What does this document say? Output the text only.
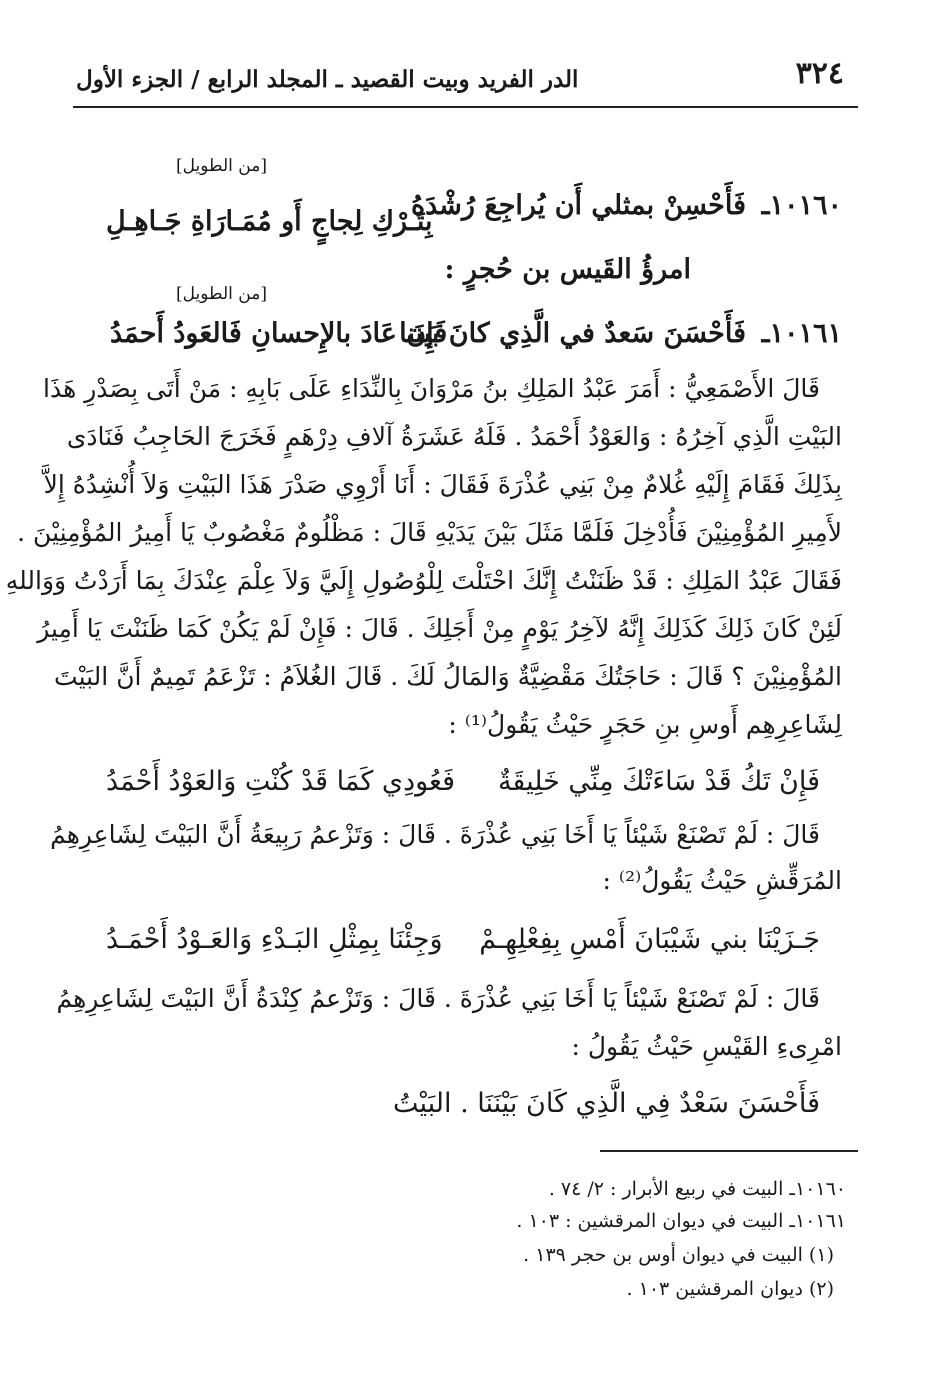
٣٢٤
الدر الفريد وبيت القصيد ـ المجلد الرابع / الجزء الأول
[من الطويل]
١٠١٦٠ـ
فَأَحْسِنْ بمثلي أَن يُراجِعَ رُشْدَهُ
بِتَـرْكِ لِجاجٍ أَو مُمَـارَاةِ جَـاهِـلِ
امرؤُ القَيس بن حُجرٍ :
[من الطويل]
١٠١٦١ـ
فَأَحْسَنَ سَعدٌ في الَّذِي كانَ بَينَنا
فَإِن عَادَ بالإِحسانِ فَالعَودُ أَحمَدُ
قَالَ الأَصْمَعِيُّ : أَمَرَ عَبْدُ المَلِكِ بنُ مَرْوَانَ بِالنِّدَاءِ عَلَى بَابِهِ : مَنْ أَتَى بِصَدْرِ هَذَا
البَيْتِ الَّذِي آخِرُهُ : وَالعَوْدُ أَحْمَدُ . فَلَهُ عَشَرَةُ آلافِ دِرْهَمٍ فَخَرَجَ الحَاجِبُ فَنَادَى
بِذَلِكَ فَقَامَ إِلَيْهِ غُلامٌ مِنْ بَنِي عُذْرَةَ فَقَالَ : أَنَا أَرْوِي صَدْرَ هَذَا البَيْتِ وَلاَ أُنْشِدُهُ إِلاَّ
لأَمِيرِ المُؤْمِنِيْنَ فَأُدْخِلَ فَلَمَّا مَثَلَ بَيْنَ يَدَيْهِ قَالَ : مَظْلُومٌ مَغْصُوبٌ يَا أَمِيرُ المُؤْمِنِيْنَ .
فَقَالَ عَبْدُ المَلِكِ : قَدْ ظَنَنْتُ إِنَّكَ احْتَلْتَ لِلْوُصُولِ إِلَيَّ وَلاَ عِلْمَ عِنْدَكَ بِمَا أَرَدْتُ وَوَاللهِ
لَئِنْ كَانَ ذَلِكَ كَذَلِكَ إِنَّهُ لآخِرُ يَوْمٍ مِنْ أَجَلِكَ . قَالَ : فَإِنْ لَمْ يَكُنْ كَمَا ظَنَنْتَ يَا أَمِيرُ
المُؤْمِنِيْنَ ؟ قَالَ : حَاجَتُكَ مَقْضِيَّةٌ وَالمَالُ لَكَ . قَالَ الغُلاَمُ : تَزْعَمُ تَمِيمٌ أَنَّ البَيْتَ
لِشَاعِرِهِم أَوسِ بنِ حَجَرٍ حَيْثُ يَقُولُ⁽¹⁾ :
فَإِنْ تَكُ قَدْ سَاءَتْكَ مِنِّي خَلِيقَةٌ
فَعُودِي كَمَا قَدْ كُنْتِ وَالعَوْدُ أَحْمَدُ
قَالَ : لَمْ تَصْنَعْ شَيْئاً يَا أَخَا بَنِي عُذْرَةَ . قَالَ : وَتَزْعمُ رَبِيعَةُ أَنَّ البَيْتَ لِشَاعِرِهِمُ
المُرَقِّشِ حَيْثُ يَقُولُ⁽²⁾ :
جَـزَيْنَا بني شَيْبَانَ أَمْسِ بِفِعْلِهِـمْ
وَجِئْنَا بِمِثْلِ البَـدْءِ وَالعَـوْدُ أَحْمَـدُ
قَالَ : لَمْ تَصْنَعْ شَيْئاً يَا أَخَا بَنِي عُذْرَةَ . قَالَ : وَتَزْعمُ كِنْدَةُ أَنَّ البَيْتَ لِشَاعِرِهِمُ
امْرِىءِ القَيْسِ حَيْثُ يَقُولُ :
فَأَحْسَنَ سَعْدٌ فِي الَّذِي كَانَ بَيْنَنَا . البَيْتُ
١٠١٦٠ـ البيت في ربيع الأبرار : ٢/ ٧٤ .
١٠١٦١ـ البيت في ديوان المرقشين : ١٠٣ .
(١) البيت في ديوان أوس بن حجر ١٣٩ .
(٢) ديوان المرقشين ١٠٣ .
